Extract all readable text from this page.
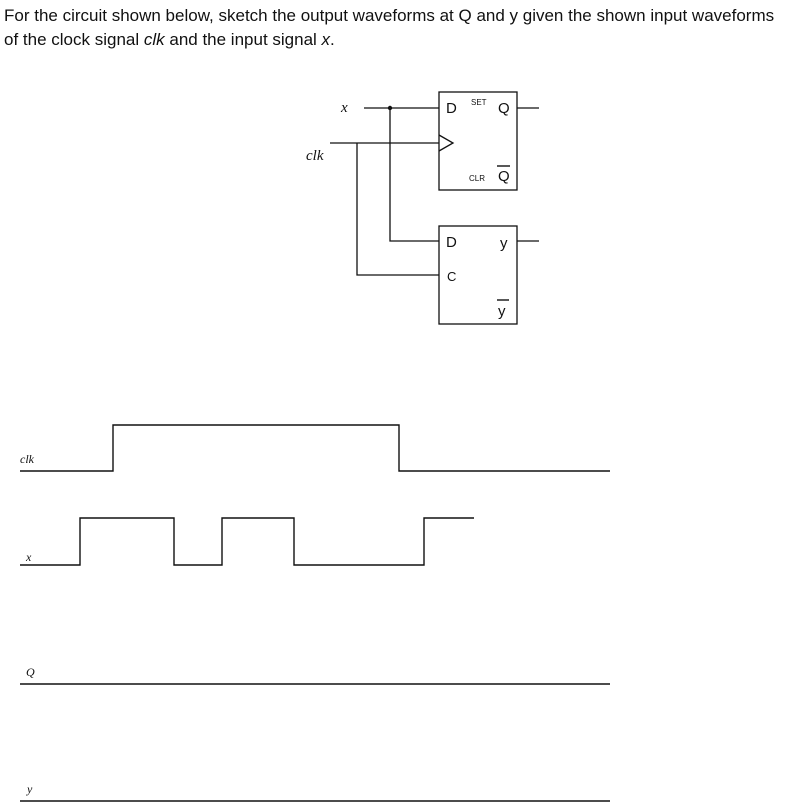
For the circuit shown below, sketch the output waveforms at Q and y given the shown input waveforms of the clock signal clk and the input signal x.

x
clk
D SET Q
CLR Q
D
C
y
y
clk
x
Q
y
